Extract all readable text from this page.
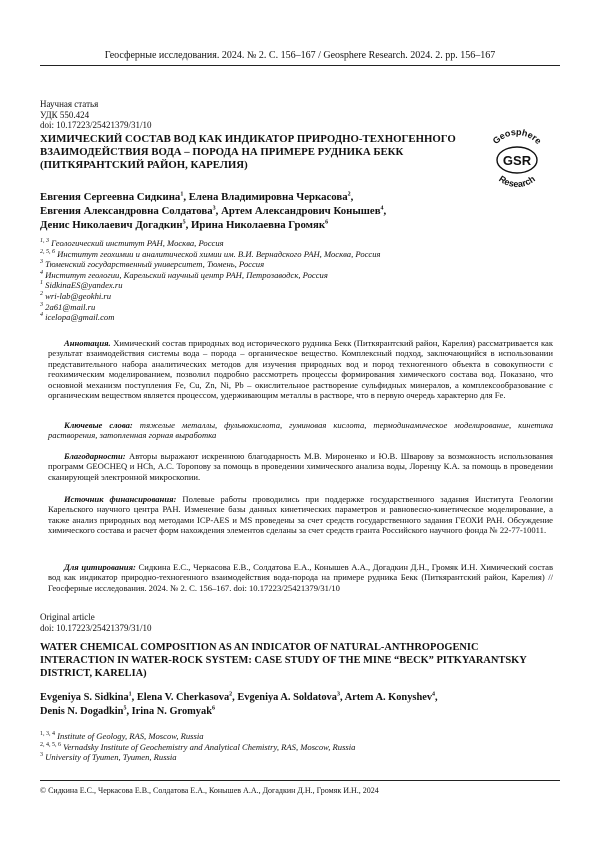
Геосферные исследования. 2024. № 2. С. 156–167 / Geosphere Research. 2024. 2. pp. 156–167
Научная статья
УДК 550.424
doi: 10.17223/25421379/31/10
ХИМИЧЕСКИЙ СОСТАВ ВОД КАК ИНДИКАТОР ПРИРОДНО-ТЕХНОГЕННОГО ВЗАИМОДЕЙСТВИЯ ВОДА – ПОРОДА НА ПРИМЕРЕ РУДНИКА БЕКК (ПИТКЯРАНТСКИЙ РАЙОН, КАРЕЛИЯ)	GSR
Geosphere
Research
Евгения Сергеевна Сидкина$^1$, Елена Владимировна Черкасова$^2$,
Евгения Александровна Солдатова$^3$, Артем Александрович Конышев$^4$,
Денис Николаевич Догадкин$^5$, Ирина Николаевна Громяк$^6$
$^{1, 3}$ Геологический институт РАН, Москва, Россия
$^{2, 5, 6}$ Институт геохимии и аналитической химии им. В.И. Вернадского РАН, Москва, Россия
$^3$ Тюменский государственный университет, Тюмень, Россия
$^4$ Институт геологии, Карельский научный центр РАН, Петрозаводск, Россия
$^1$ SidkinaES@yandex.ru
$^2$ wri-lab@geokhi.ru
$^3$ 2a61@mail.ru
$^4$ icelopa@gmail.com

Аннотация. Химический состав природных вод исторического рудника Бекк (Питкярантский район, Карелия) рассматривается как результат взаимодействия системы вода – порода – органическое вещество. Комплексный подход, заключающийся в использовании представительного набора аналитических методов для изучения природных вод и пород техногенного объекта в совокупности с геохимическим моделированием, позволил подробно рассмотреть процессы формирования химического состава вод. Показано, что основной механизм поступления Fe, Cu, Zn, Ni, Pb – окислительное растворение сульфидных минералов, а комплексообразование с органическим веществом является процессом, удерживающим металлы в растворе, что в первую очередь характерно для Fe.

Ключевые слова: тяжелые металлы, фульвокислота, гуминовая кислота, термодинамическое моделирование, кинетика растворения, затопленная горная выработка

Благодарности: Авторы выражают искреннюю благодарность М.В. Мироненко и Ю.В. Шварову за возможность использования программ GEOCHEQ и HCh, А.С. Торопову за помощь в проведении химического анализа воды, Лоренцу К.А. за помощь в проведении сканирующей электронной микроскопии.

Источник финансирования: Полевые работы проводились при поддержке государственного задания Института Геологии Карельского научного центра РАН. Изменение базы данных кинетических параметров и равновесно-кинетическое моделирование, а также анализ природных вод методами ICP-AES и MS проведены за счет средств государственного задания ГЕОХИ РАН. Обсуждение химического состава и расчет форм нахождения элементов сделаны за счет средств гранта Российского научного фонда № 22-77-10011.

Для цитирования: Сидкина Е.С., Черкасова Е.В., Солдатова Е.А., Конышев А.А., Догадкин Д.Н., Громяк И.Н. Химический состав вод как индикатор природно-техногенного взаимодействия вода-порода на примере рудника Бекк (Питкярантский район, Карелия) // Геосферные исследования. 2024. № 2. С. 156–167. doi: 10.17223/25421379/31/10

Original article
doi: 10.17223/25421379/31/10
WATER CHEMICAL COMPOSITION AS AN INDICATOR OF NATURAL-ANTHROPOGENIC INTERACTION IN WATER-ROCK SYSTEM: CASE STUDY OF THE MINE “BECK” PITKYARANTSKY DISTRICT, KARELIA)
Evgeniya S. Sidkina$^1$, Elena V. Cherkasova$^2$, Evgeniya A. Soldatova$^3$, Artem A. Konyshev$^4$,
Denis N. Dogadkin$^5$, Irina N. Gromyak$^6$
$^{1, 3, 4}$ Institute of Geology, RAS, Moscow, Russia
$^{2, 4, 5, 6}$ Vernadsky Institute of Geochemistry and Analytical Chemistry, RAS, Moscow, Russia
$^3$ University of Tyumen, Tyumen, Russia
© Сидкина Е.С., Черкасова Е.В., Солдатова Е.А., Конышев А.А., Догадкин Д.Н., Громяк И.Н., 2024
